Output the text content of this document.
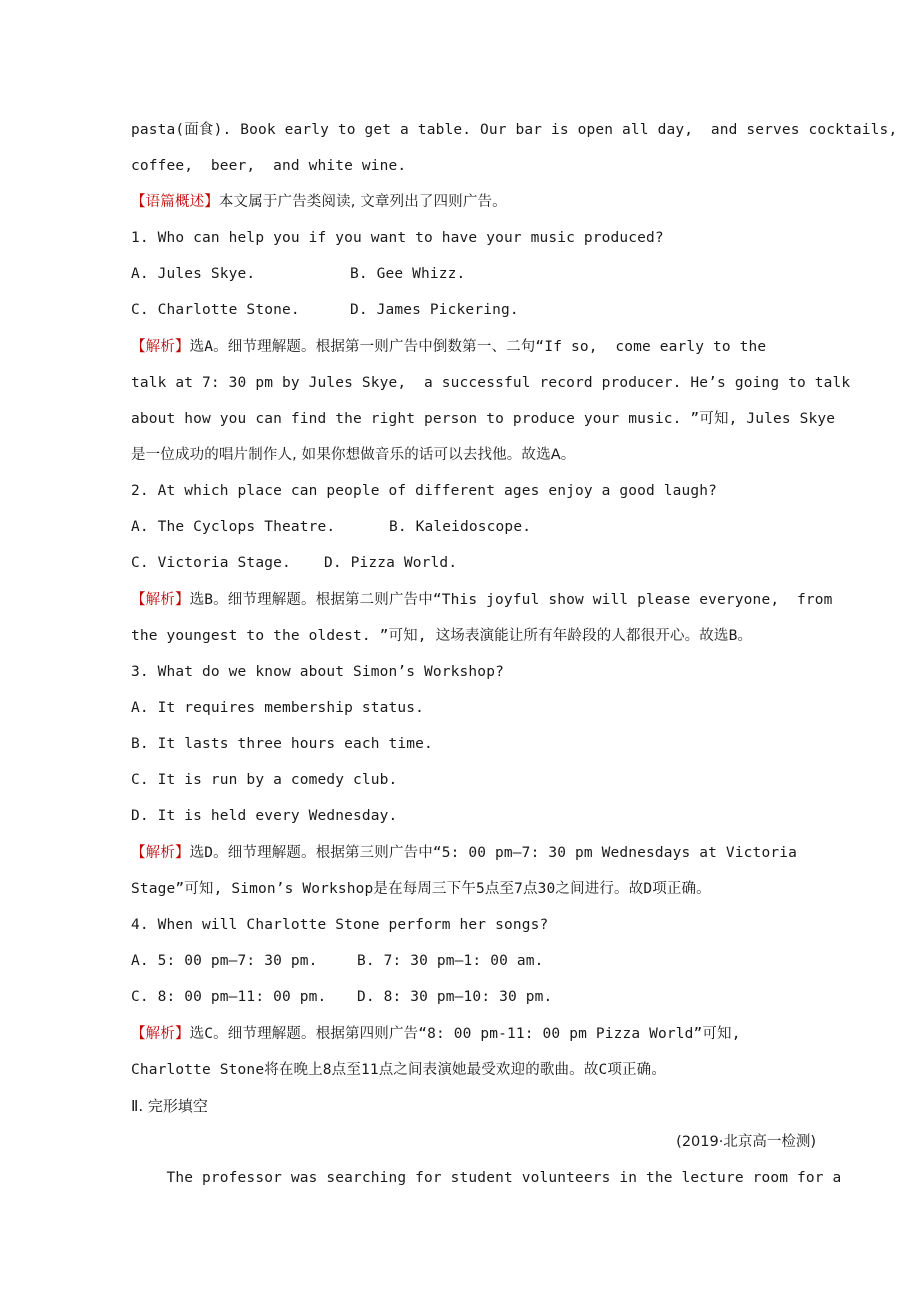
pasta(面食). Book early to get a table. Our bar is open all day,  and serves cocktails,
coffee,  beer,  and white wine.
【语篇概述】本文属于广告类阅读, 文章列出了四则广告。
1. Who can help you if you want to have your music produced?
A. Jules Skye.	B. Gee Whizz.
C. Charlotte Stone.	D. James Pickering.
【解析】选A。细节理解题。根据第一则广告中倒数第一、二句“If so,  come early to the
talk at 7: 30 pm by Jules Skye,  a successful record producer. He’s going to talk
about how you can find the right person to produce your music. ”可知, Jules Skye
是一位成功的唱片制作人, 如果你想做音乐的话可以去找他。故选A。
2. At which place can people of different ages enjoy a good laugh?
A. The Cyclops Theatre.	B. Kaleidoscope.
C. Victoria Stage. D. Pizza World.
【解析】选B。细节理解题。根据第二则广告中“This joyful show will please everyone,  from
the youngest to the oldest. ”可知, 这场表演能让所有年龄段的人都很开心。故选B。
3. What do we know about Simon’s Workshop?
A. It requires membership status.
B. It lasts three hours each time.
C. It is run by a comedy club.
D. It is held every Wednesday.
【解析】选D。细节理解题。根据第三则广告中“5: 00 pm—7: 30 pm Wednesdays at Victoria
Stage”可知, Simon’s Workshop是在每周三下午5点至7点30之间进行。故D项正确。
4. When will Charlotte Stone perform her songs?
A. 5: 00 pm—7: 30 pm.	B. 7: 30 pm—1: 00 am.
C. 8: 00 pm—11: 00 pm. D. 8: 30 pm—10: 30 pm.
【解析】选C。细节理解题。根据第四则广告“8: 00 pm-11: 00 pm Pizza World”可知,
Charlotte Stone将在晚上8点至11点之间表演她最受欢迎的歌曲。故C项正确。
Ⅱ. 完形填空
(2019·北京高一检测)
The professor was searching for student volunteers in the lecture room for a
